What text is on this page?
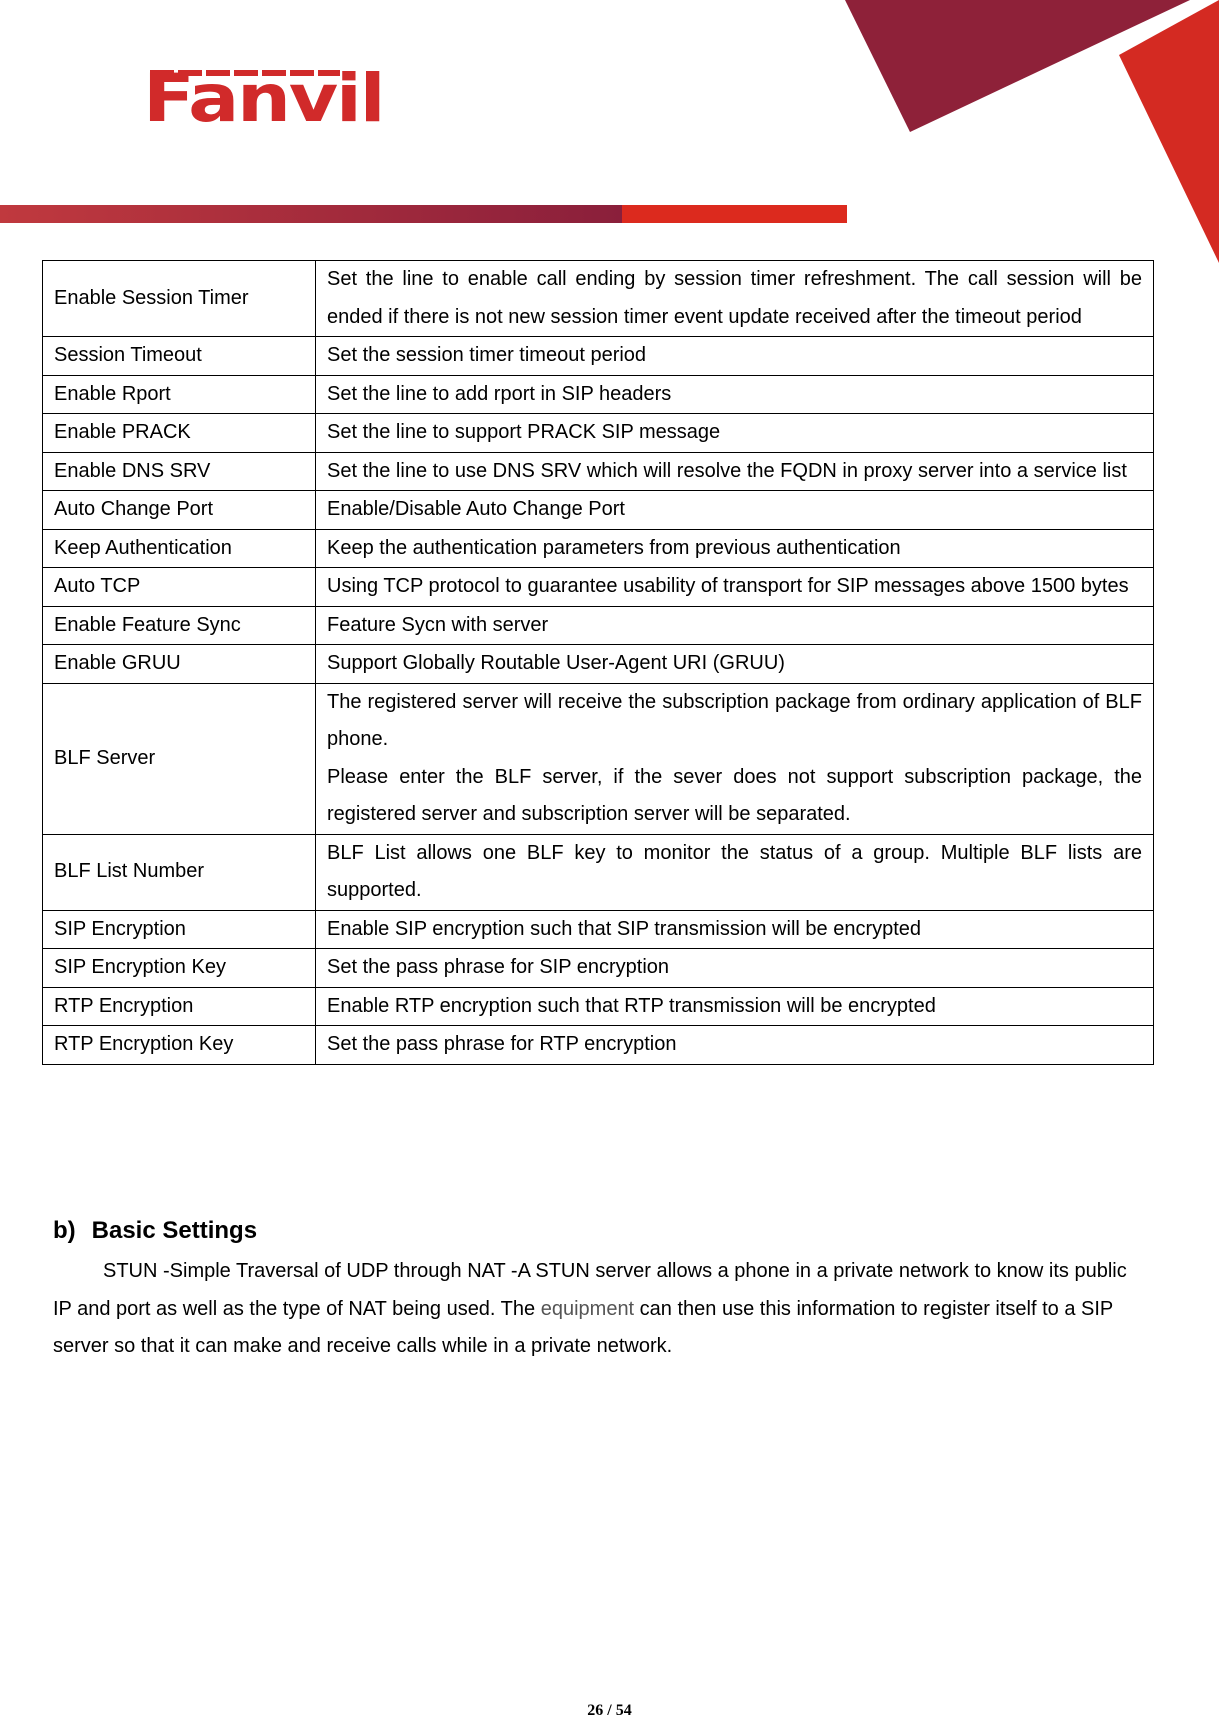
Fanvil
Enable Session Timer	Set the line to enable call ending by session timer refreshment. The call session will be ended if there is not new session timer event update received after the timeout period

Session Timeout	Set the session timer timeout period

Enable Rport	Set the line to add rport in SIP headers

Enable PRACK	Set the line to support PRACK SIP message

Enable DNS SRV	Set the line to use DNS SRV which will resolve the FQDN in proxy server into a service list

Auto Change Port	Enable/Disable Auto Change Port

Keep Authentication	Keep the authentication parameters from previous authentication

Auto TCP	Using TCP protocol to guarantee usability of transport for SIP messages above 1500 bytes

Enable Feature Sync	Feature Sycn with server

Enable GRUU	Support Globally Routable User-Agent URI (GRUU)

BLF Server	The registered server will receive the subscription package from ordinary application of BLF phone.
Please enter the BLF server, if the sever does not support subscription package, the registered server and subscription server will be separated.

BLF List Number	BLF List allows one BLF key to monitor the status of a group. Multiple BLF lists are supported.

SIP Encryption	Enable SIP encryption such that SIP transmission will be encrypted

SIP Encryption Key	Set the pass phrase for SIP encryption

RTP Encryption	Enable RTP encryption such that RTP transmission will be encrypted

RTP Encryption Key	Set the pass phrase for RTP encryption
b) Basic Settings
STUN -Simple Traversal of UDP through NAT -A STUN server allows a phone in a private network to know its public IP and port as well as the type of NAT being used. The equipment can then use this information to register itself to a SIP server so that it can make and receive calls while in a private network.
26 / 54
